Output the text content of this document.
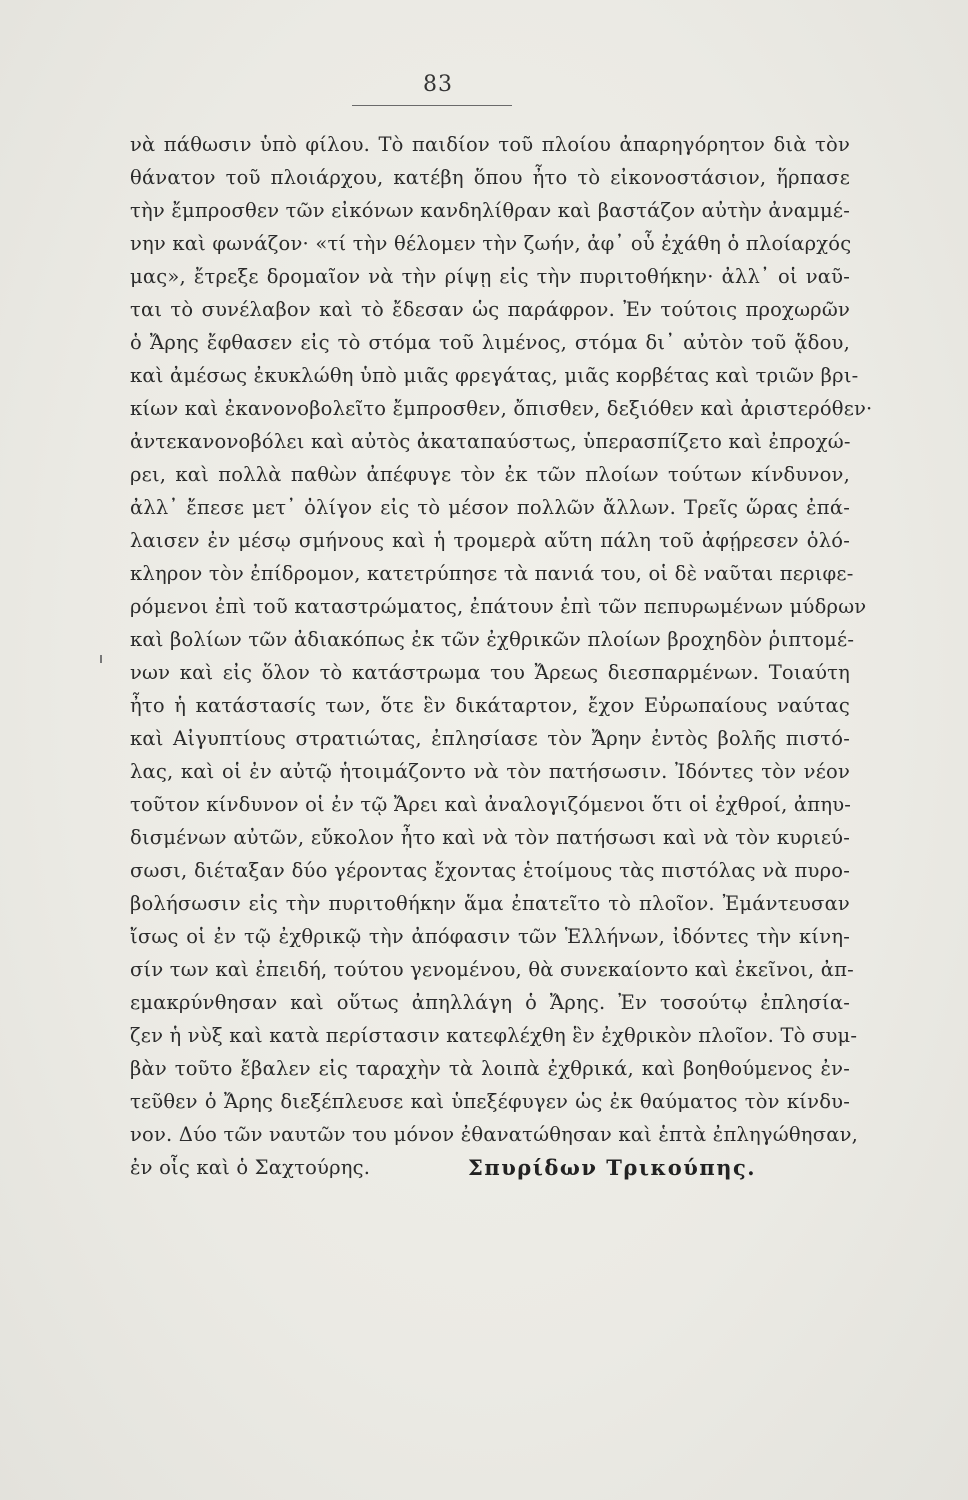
83
νὰ πάθωσιν ὑπὸ φίλου. Τὸ παιδίον τοῦ πλοίου ἀπαρηγόρητον διὰ τὸν
θάνατον τοῦ πλοιάρχου, κατέβη ὅπου ἦτο τὸ εἰκονοστάσιον, ἥρπασε
τὴν ἔμπροσθεν τῶν εἰκόνων κανδηλίθραν καὶ βαστάζον αὐτὴν ἀναμμέ-
νην καὶ φωνάζον· «τί τὴν θέλομεν τὴν ζωήν, ἀφ᾽ οὗ ἐχάθη ὁ πλοίαρχός
μας», ἔτρεξε δρομαῖον νὰ τὴν ρίψῃ εἰς τὴν πυριτοθήκην· ἀλλ᾽ οἱ ναῦ-
ται τὸ συνέλαβον καὶ τὸ ἔδεσαν ὡς παράφρον. Ἐν τούτοις προχωρῶν
ὁ Ἄρης ἔφθασεν εἰς τὸ στόμα τοῦ λιμένος, στόμα δι᾽ αὐτὸν τοῦ ᾅδου,
καὶ ἀμέσως ἐκυκλώθη ὑπὸ μιᾶς φρεγάτας, μιᾶς κορβέτας καὶ τριῶν βρι-
κίων καὶ ἐκανονοβολεῖτο ἔμπροσθεν, ὄπισθεν, δεξιόθεν καὶ ἀριστερόθεν·
ἀντεκανονοβόλει καὶ αὐτὸς ἀκαταπαύστως, ὑπερασπίζετο καὶ ἐπροχώ-
ρει, καὶ πολλὰ παθὼν ἀπέφυγε τὸν ἐκ τῶν πλοίων τούτων κίνδυνον,
ἀλλ᾽ ἔπεσε μετ᾽ ὀλίγον εἰς τὸ μέσον πολλῶν ἄλλων. Τρεῖς ὥρας ἐπά-
λαισεν ἐν μέσῳ σμήνους καὶ ἡ τρομερὰ αὕτη πάλη τοῦ ἀφῄρεσεν ὁλό-
κληρον τὸν ἐπίδρομον, κατετρύπησε τὰ πανιά του, οἱ δὲ ναῦται περιφε-
ρόμενοι ἐπὶ τοῦ καταστρώματος, ἐπάτουν ἐπὶ τῶν πεπυρωμένων μύδρων
καὶ βολίων τῶν ἀδιακόπως ἐκ τῶν ἐχθρικῶν πλοίων βροχηδὸν ῥιπτομέ-
νων καὶ εἰς ὅλον τὸ κατάστρωμα του Ἄρεως διεσπαρμένων. Τοιαύτη
ἦτο ἡ κατάστασίς των, ὅτε ἓν δικάταρτον, ἔχον Εὐρωπαίους ναύτας
καὶ Αἰγυπτίους στρατιώτας, ἐπλησίασε τὸν Ἄρην ἐντὸς βολῆς πιστό-
λας, καὶ οἱ ἐν αὐτῷ ἡτοιμάζοντο νὰ τὸν πατήσωσιν. Ἰδόντες τὸν νέον
τοῦτον κίνδυνον οἱ ἐν τῷ Ἄρει καὶ ἀναλογιζόμενοι ὅτι οἱ ἐχθροί, ἀπηυ-
δισμένων αὐτῶν, εὔκολον ἦτο καὶ νὰ τὸν πατήσωσι καὶ νὰ τὸν κυριεύ-
σωσι, διέταξαν δύο γέροντας ἔχοντας ἑτοίμους τὰς πιστόλας νὰ πυρο-
βολήσωσιν εἰς τὴν πυριτοθήκην ἅμα ἐπατεῖτο τὸ πλοῖον. Ἐμάντευσαν
ἴσως οἱ ἐν τῷ ἐχθρικῷ τὴν ἀπόφασιν τῶν Ἑλλήνων, ἰδόντες τὴν κίνη-
σίν των καὶ ἐπειδή, τούτου γενομένου, θὰ συνεκαίοντο καὶ ἐκεῖνοι, ἀπ-
εμακρύνθησαν καὶ οὕτως ἀπηλλάγη ὁ Ἄρης. Ἐν τοσούτῳ ἐπλησία-
ζεν ἡ νὺξ καὶ κατὰ περίστασιν κατεφλέχθη ἓν ἐχθρικὸν πλοῖον. Τὸ συμ-
βὰν τοῦτο ἔβαλεν εἰς ταραχὴν τὰ λοιπὰ ἐχθρικά, καὶ βοηθούμενος ἐν-
τεῦθεν ὁ Ἄρης διεξέπλευσε καὶ ὑπεξέφυγεν ὡς ἐκ θαύματος τὸν κίνδυ-
νον. Δύο τῶν ναυτῶν του μόνον ἐθανατώθησαν καὶ ἑπτὰ ἐπληγώθησαν,
ἐν οἷς καὶ ὁ Σαχτούρης.	Σπυρίδων Τρικούπης.
